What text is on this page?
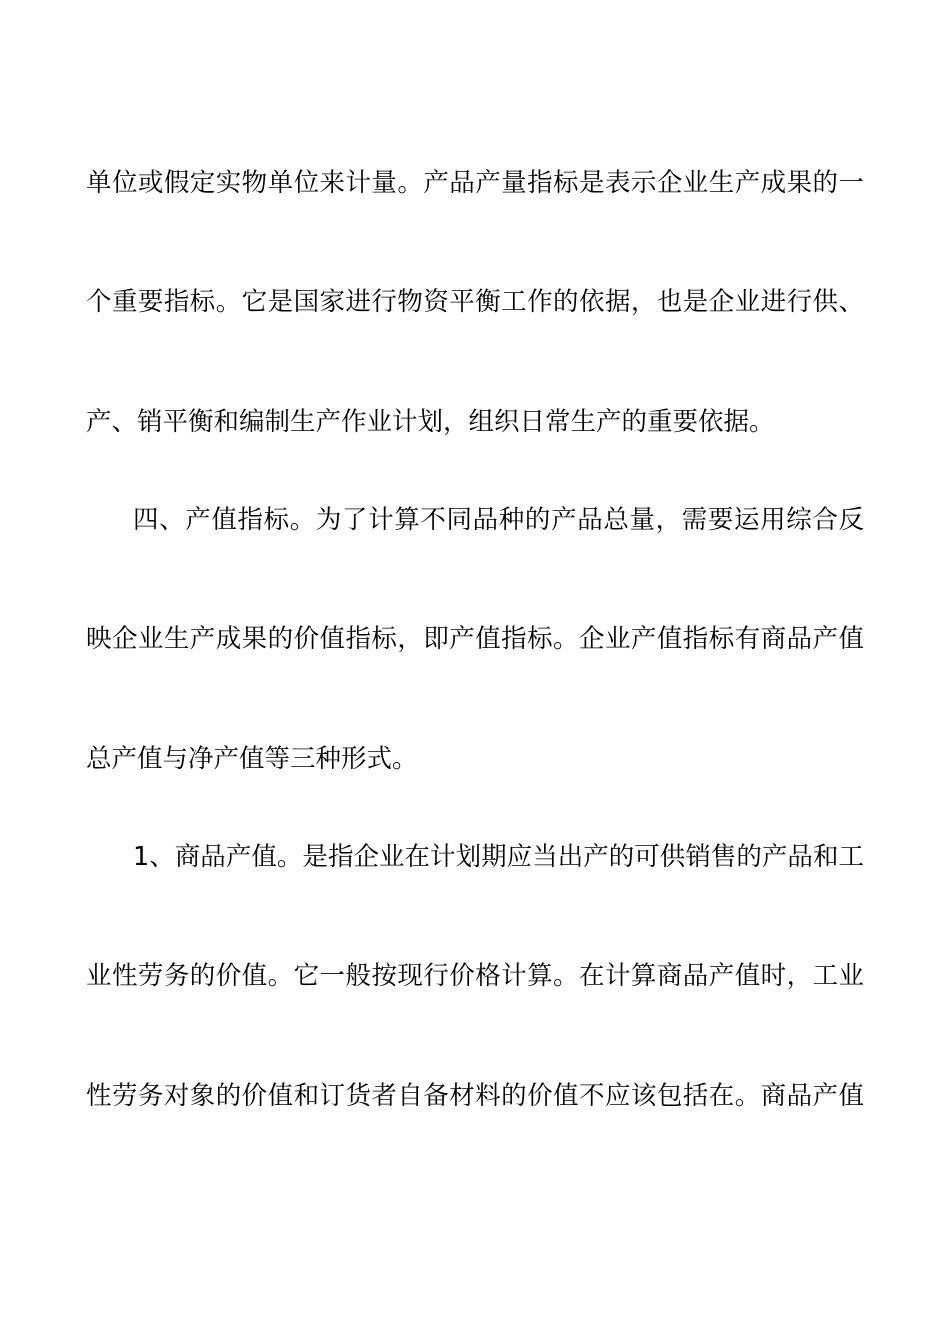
单位或假定实物单位来计量。产品产量指标是表示企业生产成果的一
个重要指标。它是国家进行物资平衡工作的依据，也是企业进行供、
产、销平衡和编制生产作业计划，组织日常生产的重要依据。
四、产值指标。为了计算不同品种的产品总量，需要运用综合反
映企业生产成果的价值指标，即产值指标。企业产值指标有商品产值
总产值与净产值等三种形式。
1、商品产值。是指企业在计划期应当出产的可供销售的产品和工
业性劳务的价值。它一般按现行价格计算。在计算商品产值时，工业
性劳务对象的价值和订货者自备材料的价值不应该包括在。商品产值
